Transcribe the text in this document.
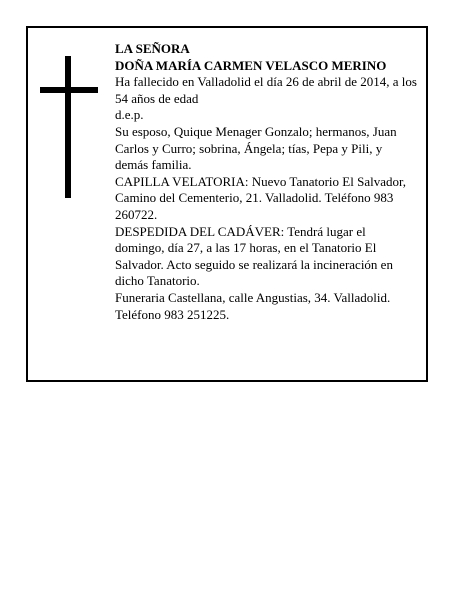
LA SEÑORA

DOÑA MARÍA CARMEN VELASCO MERINO

Ha fallecido en Valladolid el día 26 de abril de 2014, a los 54 años de edad

d.e.p.

Su esposo, Quique Menager Gonzalo; hermanos, Juan Carlos y Curro; sobrina, Ángela; tías, Pepa y Pili, y demás familia.

CAPILLA VELATORIA: Nuevo Tanatorio El Salvador, Camino del Cementerio, 21. Valladolid. Teléfono 983 260722.

DESPEDIDA DEL CADÁVER: Tendrá lugar el domingo, día 27, a las 17 horas, en el Tanatorio El Salvador. Acto seguido se realizará la incineración en dicho Tanatorio.

Funeraria Castellana, calle Angustias, 34. Valladolid. Teléfono 983 251225.
